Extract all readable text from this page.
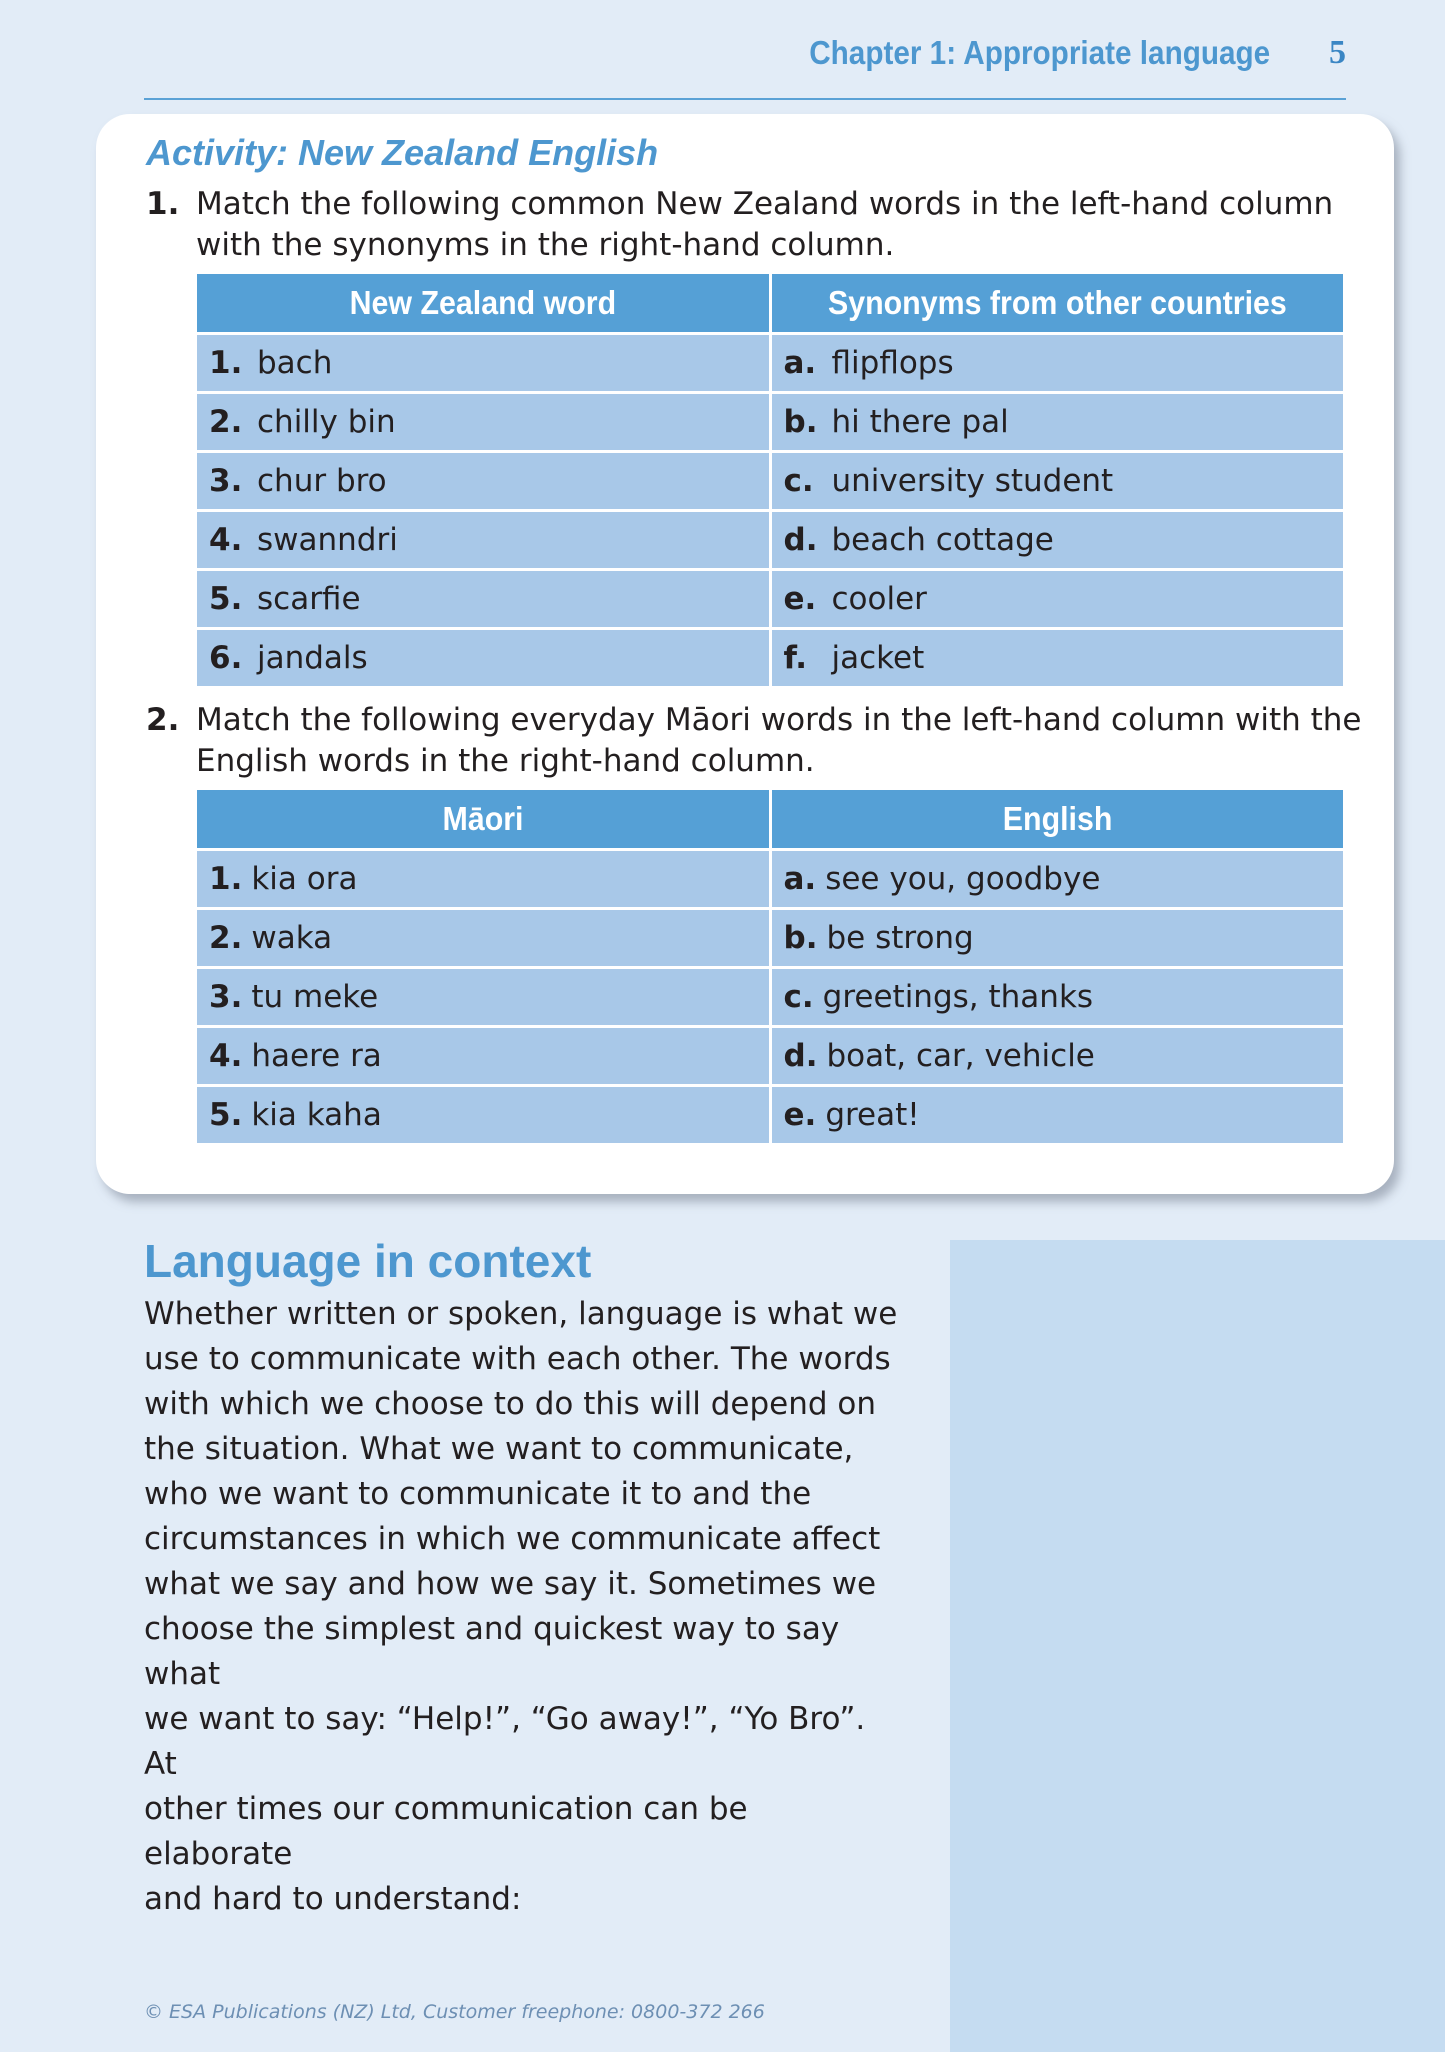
Chapter 1: Appropriate language 5
Activity: New Zealand English
1. Match the following common New Zealand words in the left-hand column with the synonyms in the right-hand column.
New Zealand word	Synonyms from other countries
1. bach	a. flipflops
2. chilly bin	b. hi there pal
3. chur bro	c. university student
4. swanndri	d. beach cottage
5. scarfie	e. cooler
6. jandals	f. jacket
2. Match the following everyday Māori words in the left-hand column with the English words in the right-hand column.
Māori	English
1. kia ora	a. see you, goodbye
2. waka	b. be strong
3. tu meke	c. greetings, thanks
4. haere ra	d. boat, car, vehicle
5. kia kaha	e. great!
Language in context
Whether written or spoken, language is what we
use to communicate with each other. The words
with which we choose to do this will depend on
the situation. What we want to communicate,
who we want to communicate it to and the
circumstances in which we communicate affect
what we say and how we say it. Sometimes we
choose the simplest and quickest way to say what
we want to say: “Help!”, “Go away!”, “Yo Bro”. At
other times our communication can be elaborate
and hard to understand:
© ESA Publications (NZ) Ltd, Customer freephone: 0800-372 266
